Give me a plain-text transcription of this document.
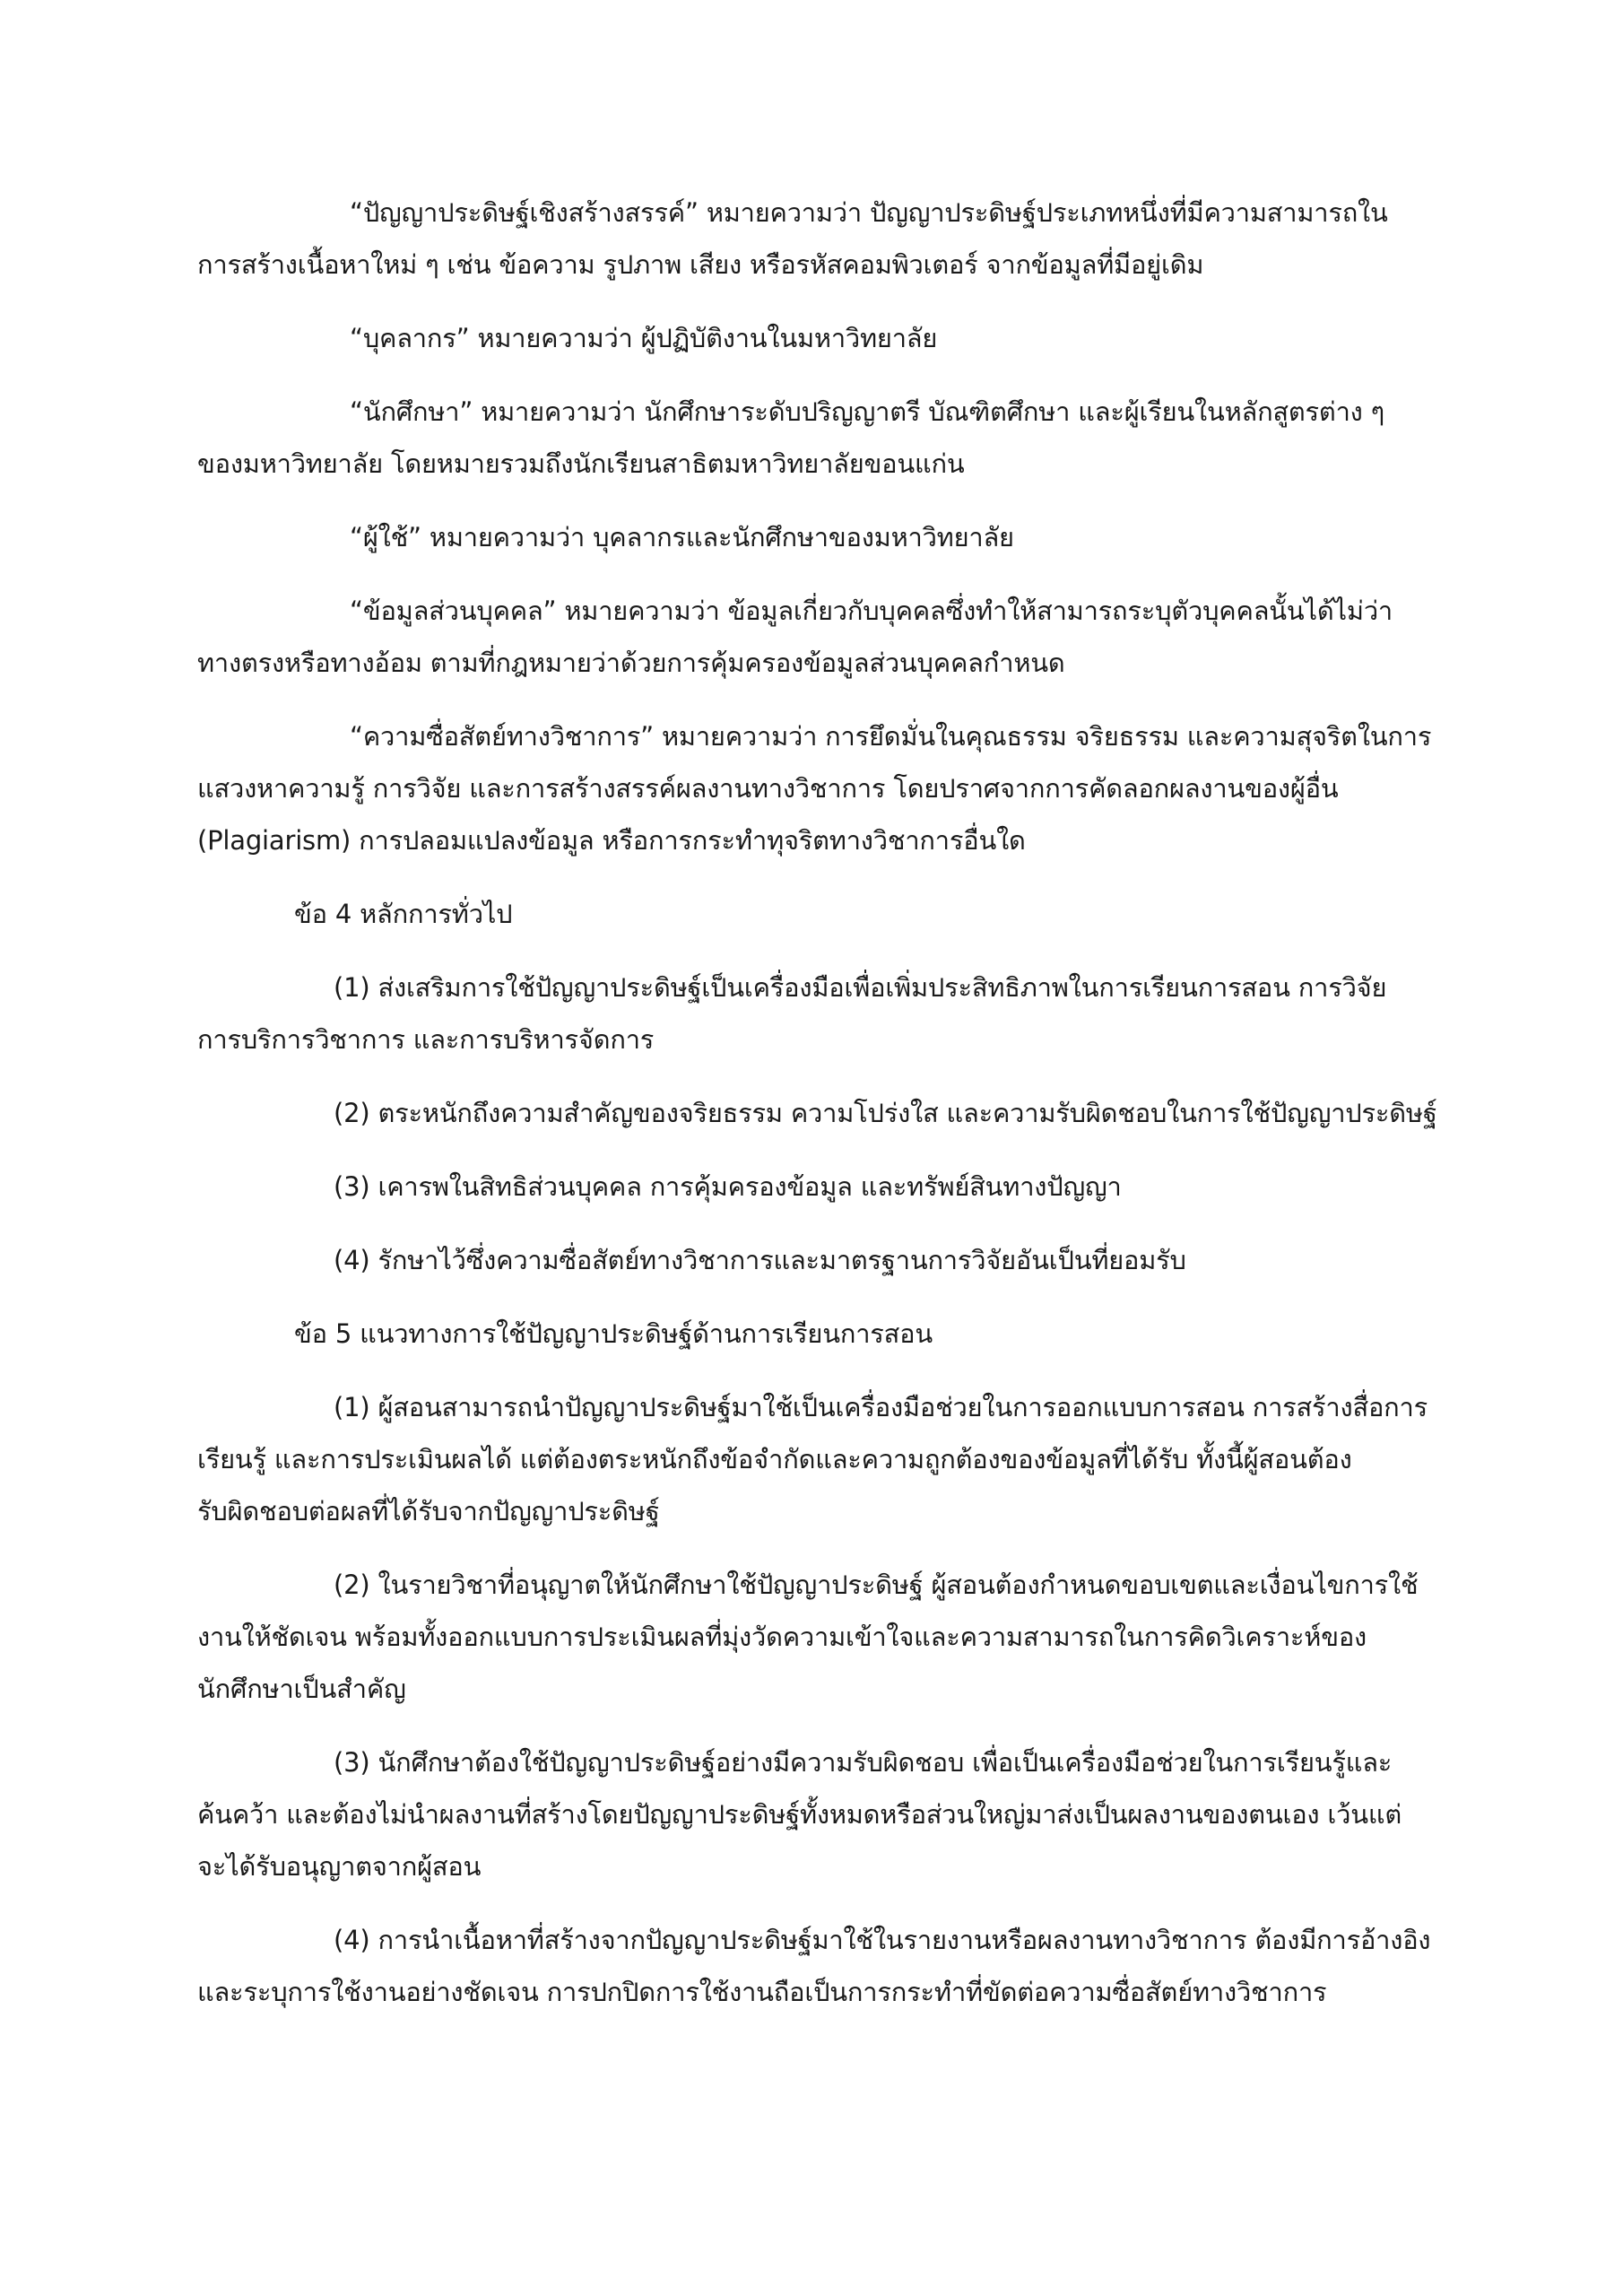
“ปัญญาประดิษฐ์เชิงสร้างสรรค์” หมายความว่า ปัญญาประดิษฐ์ประเภทหนึ่งที่มีความสามารถใน
การสร้างเนื้อหาใหม่ ๆ เช่น ข้อความ รูปภาพ เสียง หรือรหัสคอมพิวเตอร์ จากข้อมูลที่มีอยู่เดิม
“บุคลากร” หมายความว่า ผู้ปฏิบัติงานในมหาวิทยาลัย
“นักศึกษา” หมายความว่า นักศึกษาระดับปริญญาตรี บัณฑิตศึกษา และผู้เรียนในหลักสูตรต่าง ๆ
ของมหาวิทยาลัย โดยหมายรวมถึงนักเรียนสาธิตมหาวิทยาลัยขอนแก่น
“ผู้ใช้” หมายความว่า บุคลากรและนักศึกษาของมหาวิทยาลัย
“ข้อมูลส่วนบุคคล” หมายความว่า ข้อมูลเกี่ยวกับบุคคลซึ่งทำให้สามารถระบุตัวบุคคลนั้นได้ไม่ว่า
ทางตรงหรือทางอ้อม ตามที่กฎหมายว่าด้วยการคุ้มครองข้อมูลส่วนบุคคลกำหนด
“ความซื่อสัตย์ทางวิชาการ” หมายความว่า การยึดมั่นในคุณธรรม จริยธรรม และความสุจริตในการ
แสวงหาความรู้ การวิจัย และการสร้างสรรค์ผลงานทางวิชาการ โดยปราศจากการคัดลอกผลงานของผู้อื่น
(Plagiarism) การปลอมแปลงข้อมูล หรือการกระทำทุจริตทางวิชาการอื่นใด
ข้อ 4 หลักการทั่วไป
(1) ส่งเสริมการใช้ปัญญาประดิษฐ์เป็นเครื่องมือเพื่อเพิ่มประสิทธิภาพในการเรียนการสอน การวิจัย
การบริการวิชาการ และการบริหารจัดการ
(2) ตระหนักถึงความสำคัญของจริยธรรม ความโปร่งใส และความรับผิดชอบในการใช้ปัญญาประดิษฐ์
(3) เคารพในสิทธิส่วนบุคคล การคุ้มครองข้อมูล และทรัพย์สินทางปัญญา
(4) รักษาไว้ซึ่งความซื่อสัตย์ทางวิชาการและมาตรฐานการวิจัยอันเป็นที่ยอมรับ
ข้อ 5 แนวทางการใช้ปัญญาประดิษฐ์ด้านการเรียนการสอน
(1) ผู้สอนสามารถนำปัญญาประดิษฐ์มาใช้เป็นเครื่องมือช่วยในการออกแบบการสอน การสร้างสื่อการ
เรียนรู้ และการประเมินผลได้ แต่ต้องตระหนักถึงข้อจำกัดและความถูกต้องของข้อมูลที่ได้รับ ทั้งนี้ผู้สอนต้อง
รับผิดชอบต่อผลที่ได้รับจากปัญญาประดิษฐ์
(2) ในรายวิชาที่อนุญาตให้นักศึกษาใช้ปัญญาประดิษฐ์ ผู้สอนต้องกำหนดขอบเขตและเงื่อนไขการใช้
งานให้ชัดเจน พร้อมทั้งออกแบบการประเมินผลที่มุ่งวัดความเข้าใจและความสามารถในการคิดวิเคราะห์ของ
นักศึกษาเป็นสำคัญ
(3) นักศึกษาต้องใช้ปัญญาประดิษฐ์อย่างมีความรับผิดชอบ เพื่อเป็นเครื่องมือช่วยในการเรียนรู้และ
ค้นคว้า และต้องไม่นำผลงานที่สร้างโดยปัญญาประดิษฐ์ทั้งหมดหรือส่วนใหญ่มาส่งเป็นผลงานของตนเอง เว้นแต่
จะได้รับอนุญาตจากผู้สอน
(4) การนำเนื้อหาที่สร้างจากปัญญาประดิษฐ์มาใช้ในรายงานหรือผลงานทางวิชาการ ต้องมีการอ้างอิง
และระบุการใช้งานอย่างชัดเจน การปกปิดการใช้งานถือเป็นการกระทำที่ขัดต่อความซื่อสัตย์ทางวิชาการ
